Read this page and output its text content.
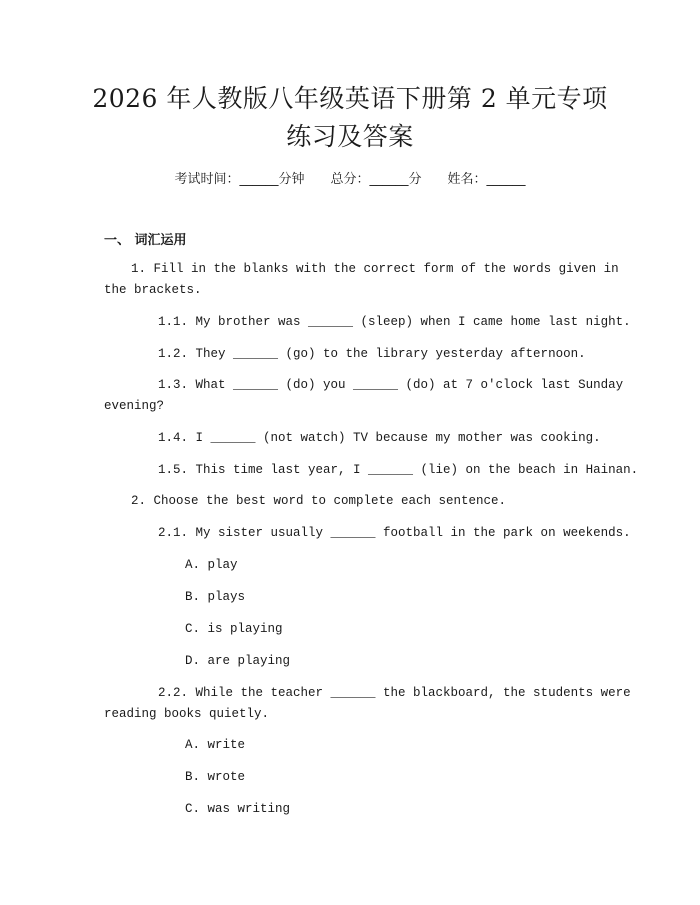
2026 年人教版八年级英语下册第 2 单元专项
练习及答案
考试时间：______分钟 总分：______分 姓名：______
一、 词汇运用
1. Fill in the blanks with the correct form of the words given in
the brackets.
1.1. My brother was ______ (sleep) when I came home last night.
1.2. They ______ (go) to the library yesterday afternoon.
1.3. What ______ (do) you ______ (do) at 7 o'clock last Sunday
evening?
1.4. I ______ (not watch) TV because my mother was cooking.
1.5. This time last year, I ______ (lie) on the beach in Hainan.
2. Choose the best word to complete each sentence.
2.1. My sister usually ______ football in the park on weekends.
A. play
B. plays
C. is playing
D. are playing
2.2. While the teacher ______ the blackboard, the students were
reading books quietly.
A. write
B. wrote
C. was writing
